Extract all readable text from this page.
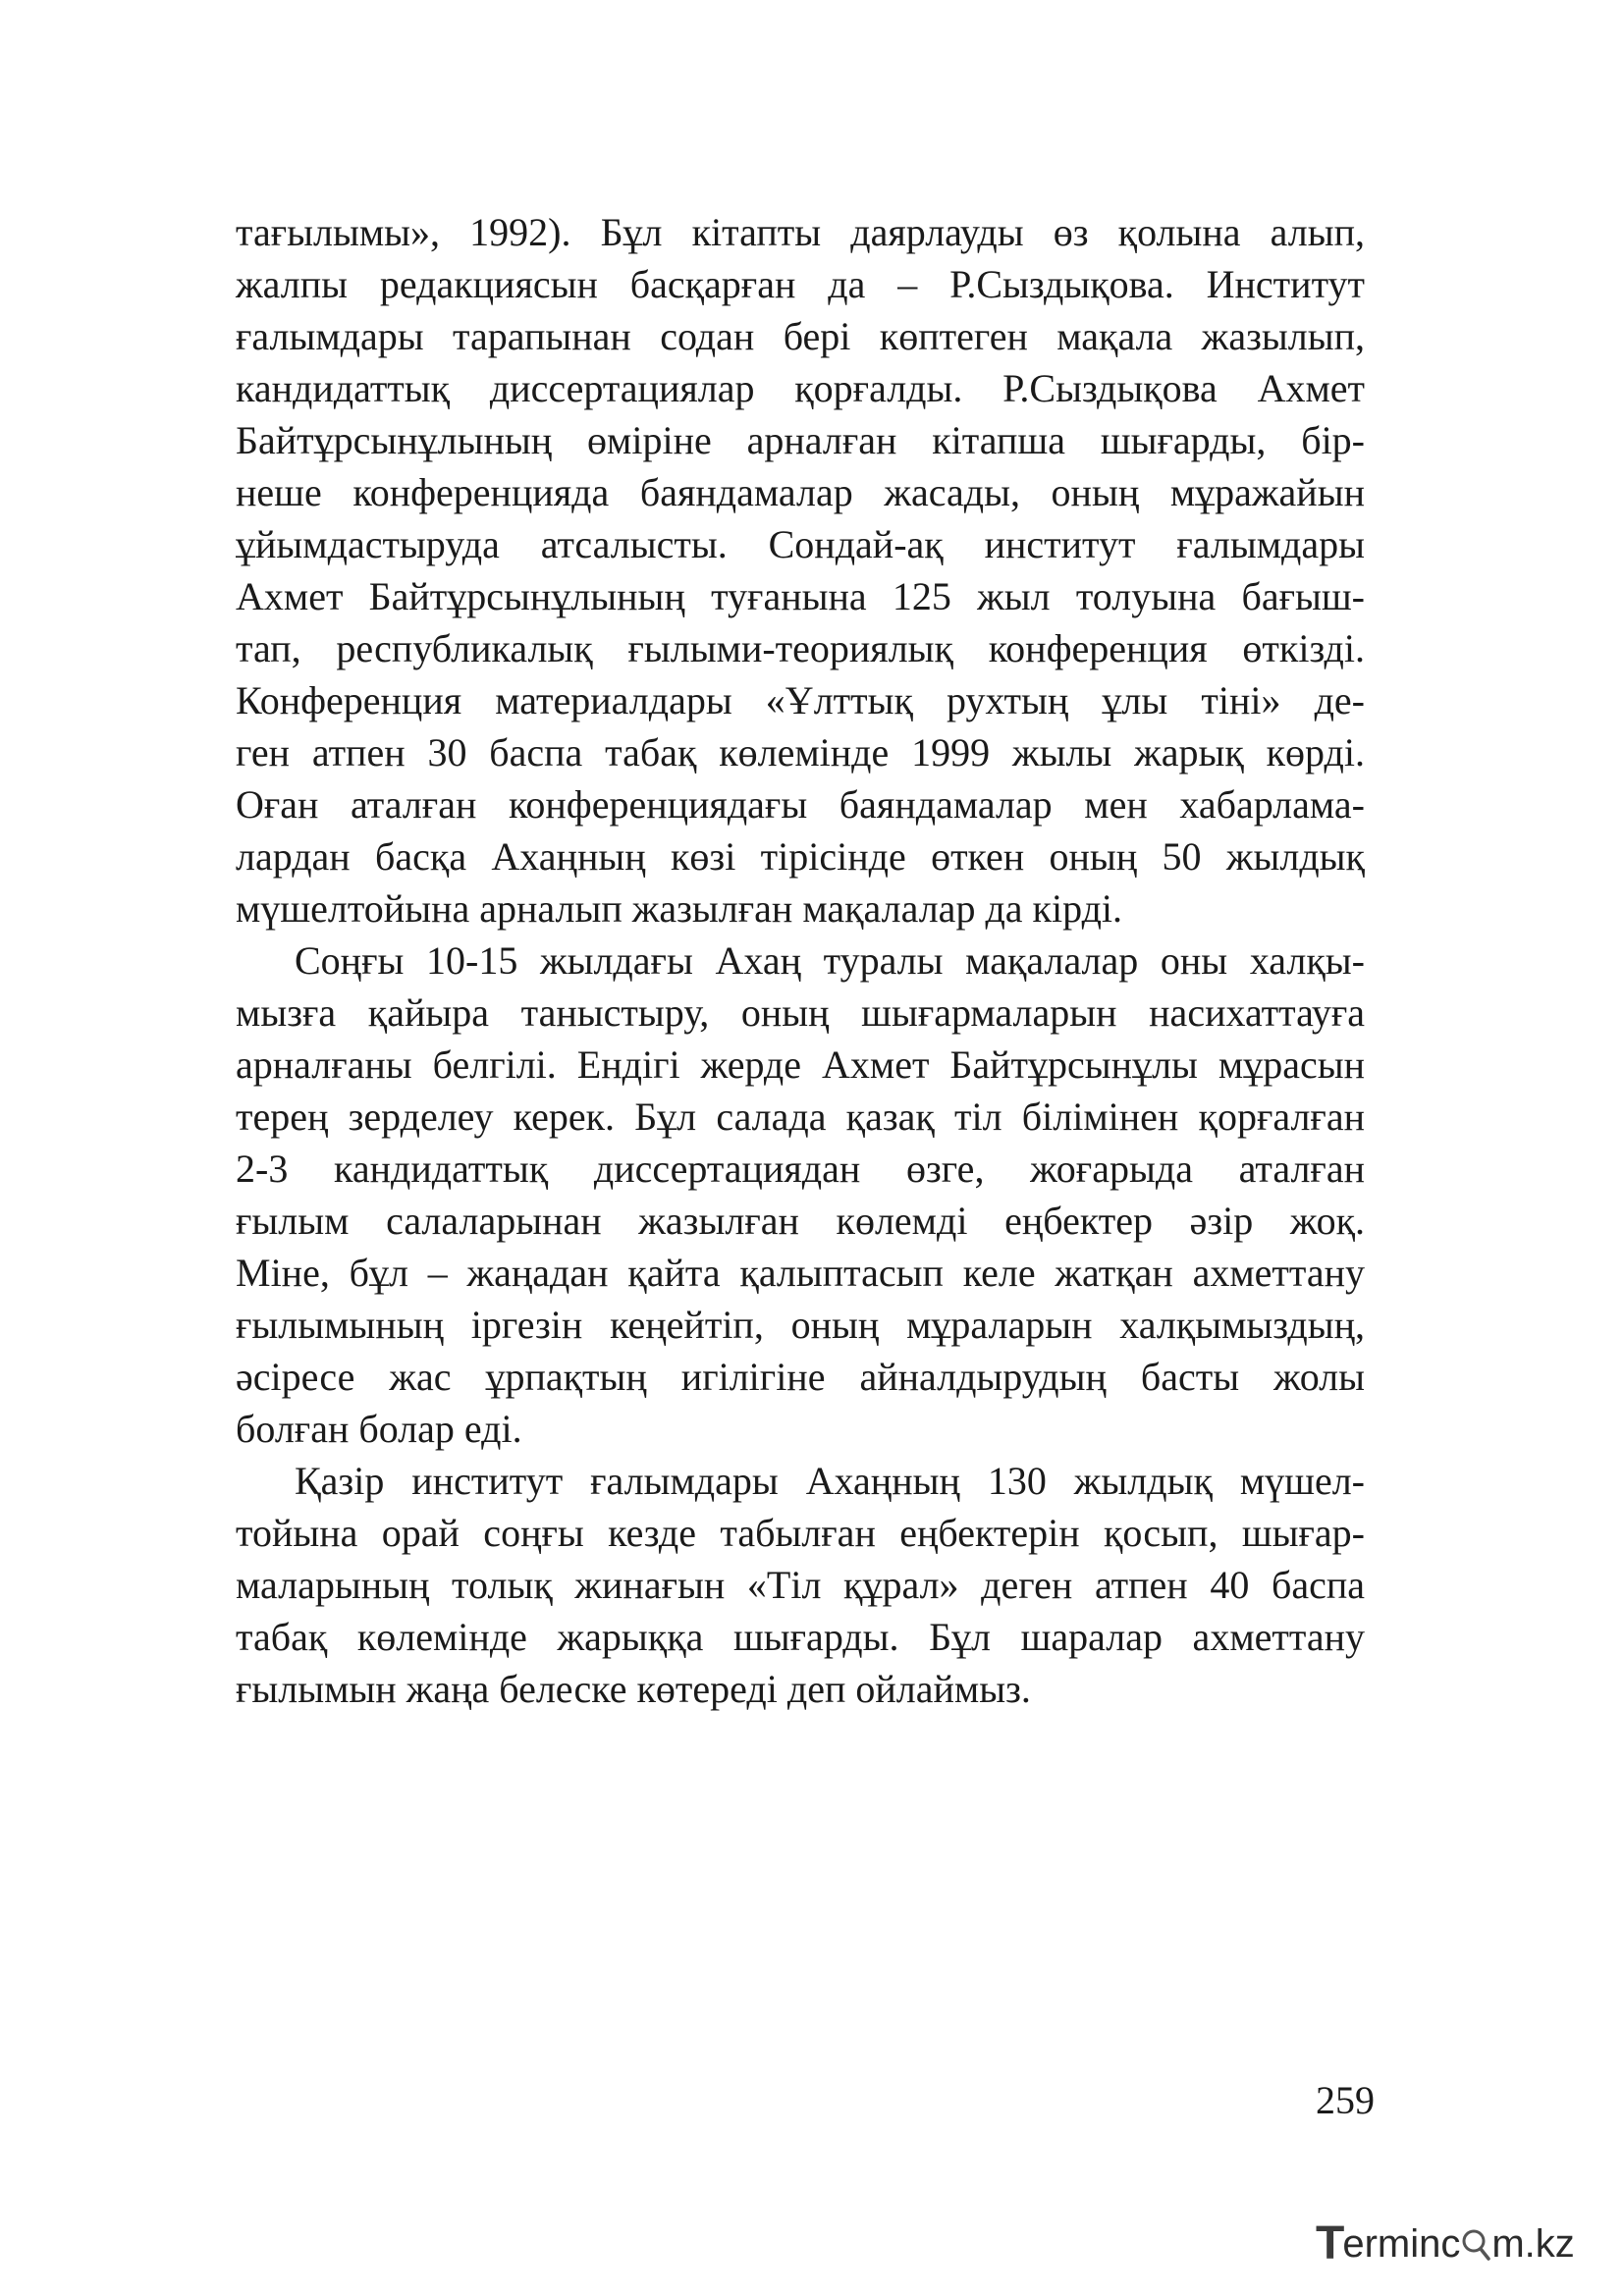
тағылымы», 1992). Бұл кітапты даярлауды өз қолына алып,
жалпы редакциясын басқарған да – Р.Сыздықова. Институт
ғалымдары тарапынан содан бері көптеген мақала жазылып,
кандидаттық диссертациялар қорғалды. Р.Сыздықова Ахмет
Байтұрсынұлының өміріне арналған кітапша шығарды, бір-
неше конференцияда баяндамалар жасады, оның мұражайын
ұйымдастыруда атсалысты. Сондай-ақ институт ғалымдары
Ахмет Байтұрсынұлының туғанына 125 жыл толуына бағыш-
тап, республикалық ғылыми-теориялық конференция өткізді.
Конференция материалдары «Ұлттық рухтың ұлы тіні» де-
ген атпен 30 баспа табақ көлемінде 1999 жылы жарық көрді.
Оған аталған конференциядағы баяндамалар мен хабарлама-
лардан басқа Ахаңның көзі тірісінде өткен оның 50 жылдық
мүшелтойына арналып жазылған мақалалар да кірді.

Соңғы 10-15 жылдағы Ахаң туралы мақалалар оны халқы-
мызға қайыра таныстыру, оның шығармаларын насихаттауға
арналғаны белгілі. Ендігі жерде Ахмет Байтұрсынұлы мұрасын
терең зерделеу керек. Бұл салада қазақ тіл білімінен қорғалған
2-3 кандидаттық диссертациядан өзге, жоғарыда аталған
ғылым салаларынан жазылған көлемді еңбектер әзір жоқ.
Міне, бұл – жаңадан қайта қалыптасып келе жатқан ахметтану
ғылымының іргезін кеңейтіп, оның мұраларын халқымыздың,
әсіресе жас ұрпақтың игілігіне айналдырудың басты жолы
болған болар еді.

Қазір институт ғалымдары Ахаңның 130 жылдық мүшел-
тойына орай соңғы кезде табылған еңбектерін қосып, шығар-
маларының толық жинағын «Тіл құрал» деген атпен 40 баспа
табақ көлемінде жарыққа шығарды. Бұл шаралар ахметтану
ғылымын жаңа белеске көтереді деп ойлаймыз.

259
T ermin c m.kz
